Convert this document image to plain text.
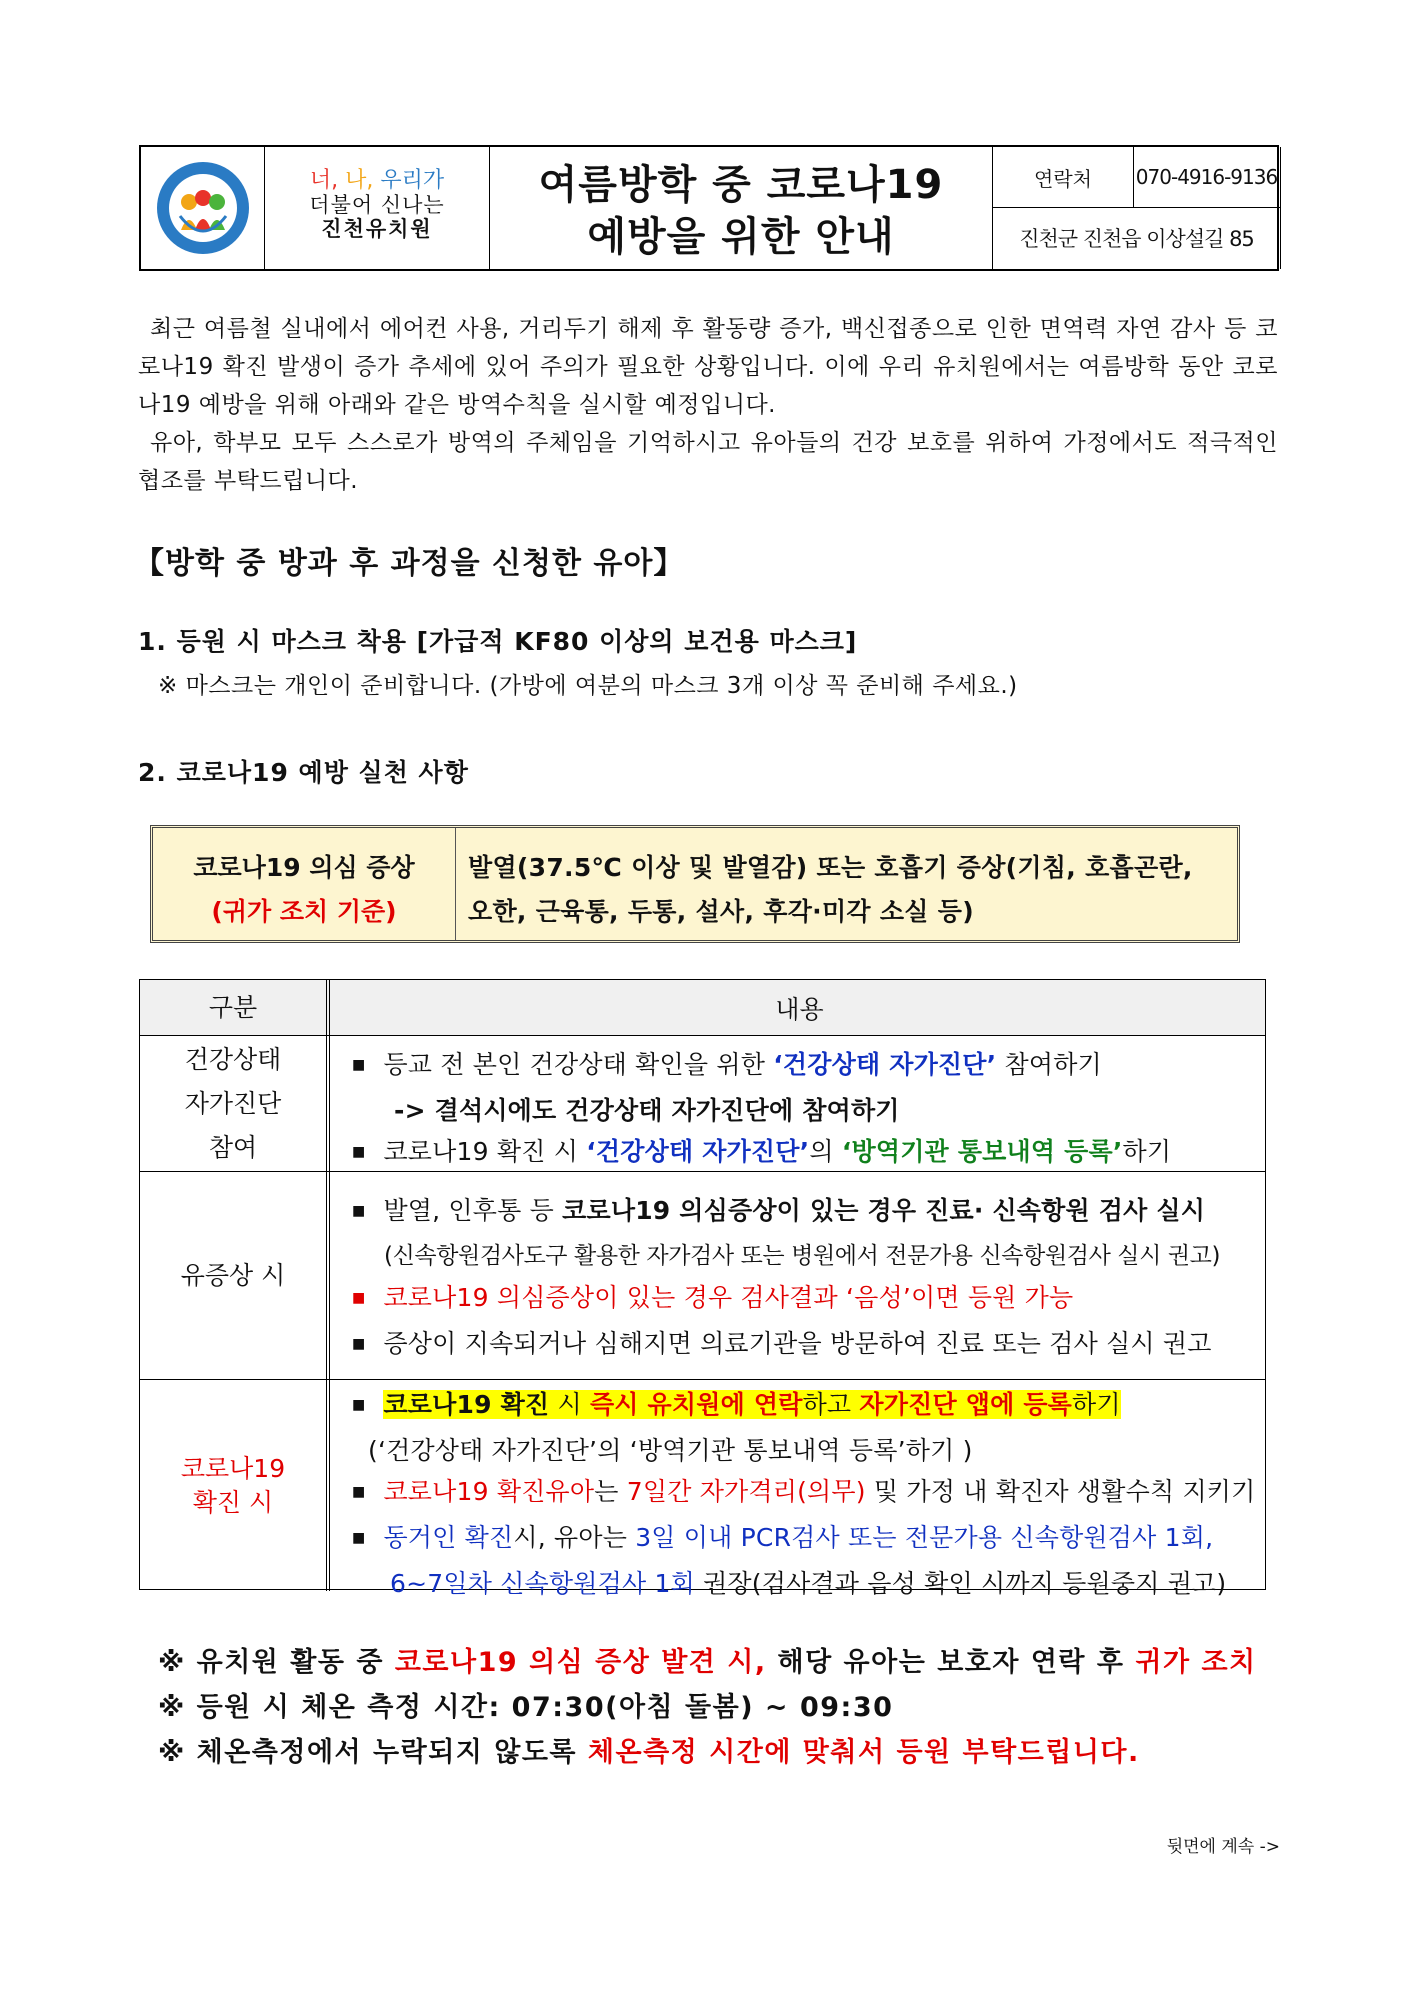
너, 나, 우리가
더불어 신나는
진천유치원
여름방학 중 코로나19
예방을 위한 안내
연락처	070-4916-9136
진천군 진천읍 이상설길 85

최근 여름철 실내에서 에어컨 사용, 거리두기 해제 후 활동량 증가, 백신접종으로 인한 면역력 자연 감사 등 코로나19 확진 발생이 증가 추세에 있어 주의가 필요한 상황입니다. 이에 우리 유치원에서는 여름방학 동안 코로나19 예방을 위해 아래와 같은 방역수칙을 실시할 예정입니다.

유아, 학부모 모두 스스로가 방역의 주체임을 기억하시고 유아들의 건강 보호를 위하여 가정에서도 적극적인 협조를 부탁드립니다.

【방학 중 방과 후 과정을 신청한 유아】
1. 등원 시 마스크 착용 [가급적 KF80 이상의 보건용 마스크]
※ 마스크는 개인이 준비합니다. (가방에 여분의 마스크 3개 이상 꼭 준비해 주세요.)
2. 코로나19 예방 실천 사항
코로나19 의심 증상
(귀가 조치 기준)
발열(37.5℃ 이상 및 발열감) 또는 호흡기 증상(기침, 호흡곤란,
오한, 근육통, 두통, 설사, 후각·미각 소실 등)
구분	내용
건강상태
자가진단
참여
■ 등교 전 본인 건강상태 확인을 위한 ‘건강상태 자가진단’ 참여하기
-> 결석시에도 건강상태 자가진단에 참여하기
■ 코로나19 확진 시 ‘건강상태 자가진단’의 ‘방역기관 통보내역 등록’하기
유증상 시
■ 발열, 인후통 등 코로나19 의심증상이 있는 경우 진료· 신속항원 검사 실시
(신속항원검사도구 활용한 자가검사 또는 병원에서 전문가용 신속항원검사 실시 권고)
■ 코로나19 의심증상이 있는 경우 검사결과 ‘음성’이면 등원 가능
■ 증상이 지속되거나 심해지면 의료기관을 방문하여 진료 또는 검사 실시 권고
코로나19
확진 시
■ 코로나19 확진 시 즉시 유치원에 연락하고 자가진단 앱에 등록하기
(‘건강상태 자가진단’의 ‘방역기관 통보내역 등록’하기 )
■ 코로나19 확진유아는 7일간 자가격리(의무) 및 가정 내 확진자 생활수칙 지키기
■ 동거인 확진시, 유아는 3일 이내 PCR검사 또는 전문가용 신속항원검사 1회,
6~7일차 신속항원검사 1회 권장(검사결과 음성 확인 시까지 등원중지 권고)
※ 유치원 활동 중 코로나19 의심 증상 발견 시, 해당 유아는 보호자 연락 후 귀가 조치
※ 등원 시 체온 측정 시간: 07:30(아침 돌봄) ~ 09:30
※ 체온측정에서 누락되지 않도록 체온측정 시간에 맞춰서 등원 부탁드립니다.
뒷면에 계속 ->
